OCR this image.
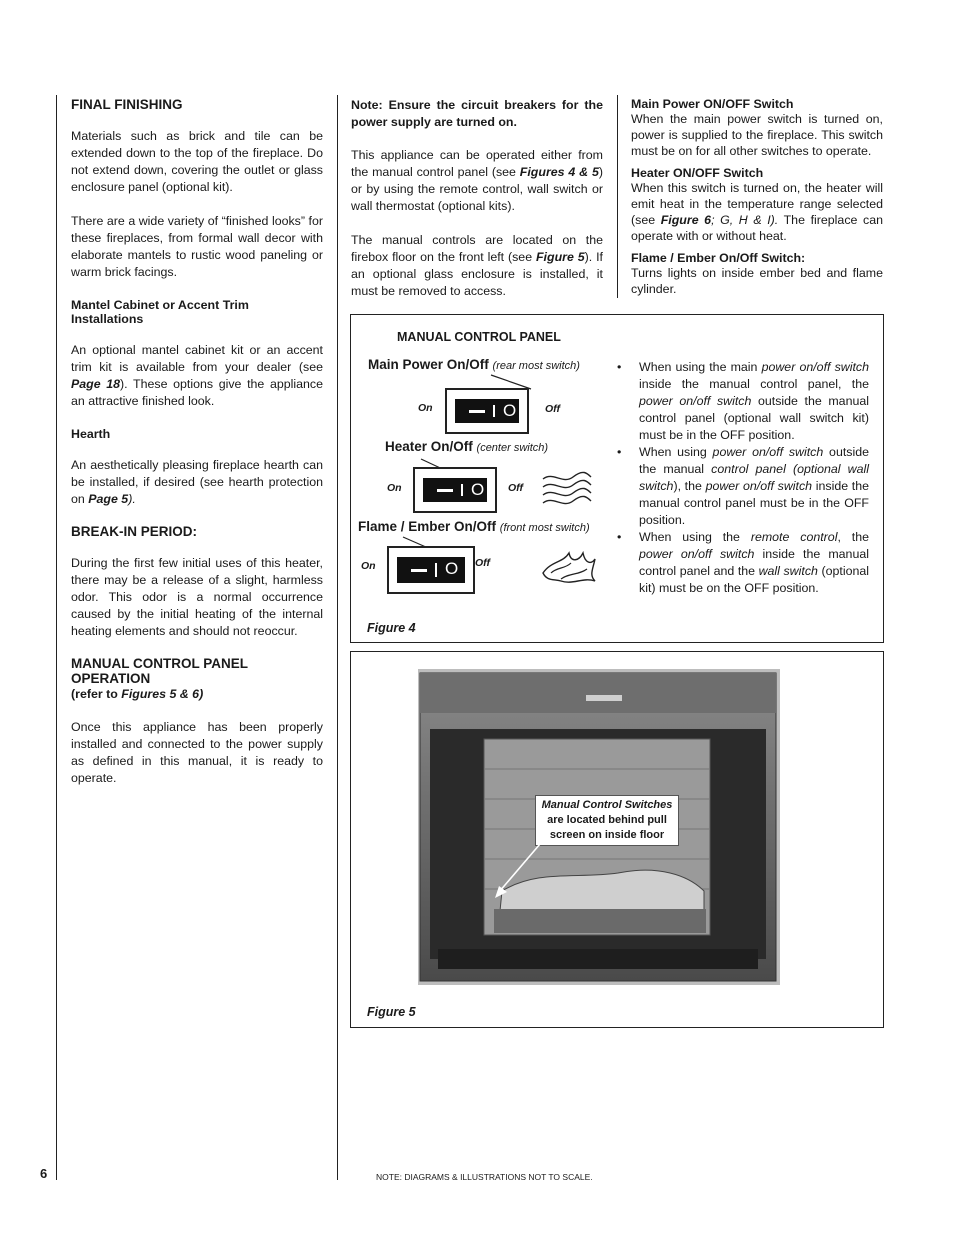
FINAL FINISHING

Materials such as brick and tile can be extended down to the top of the fireplace. Do not extend down, covering the outlet or glass enclosure panel (optional kit).

There are a wide variety of “finished looks” for these fireplaces, from formal wall decor with elaborate mantels to rustic wood paneling or warm brick facings.

Mantel Cabinet or Accent Trim Installations

An optional mantel cabinet kit or an accent trim kit is available from your dealer (see Page 18). These options give the appliance an attractive finished look.

Hearth

An aesthetically pleasing fireplace hearth can be installed, if desired (see hearth protection on Page 5).

BREAK-IN PERIOD:

During the first few initial uses of this heater, there may be a release of a slight, harmless odor. This odor is a normal occurrence caused by the initial heating of the internal heating elements and should not reoccur.

MANUAL CONTROL PANEL OPERATION
(refer to Figures 5 & 6)

Once this appliance has been properly installed and connected to the power supply as defined in this manual, it is ready to operate.

Note: Ensure the circuit breakers for the power supply are turned on.

This appliance can be operated either from the manual control panel (see Figures 4 & 5) or by using the remote control, wall switch or wall thermostat (optional kits).

The manual controls are located on the firebox floor on the front left (see Figure 5). If an optional glass enclosure is installed, it must be removed to access.

Main Power ON/OFF Switch

When the main power switch is turned on, power is supplied to the fireplace. This switch must be on for all other switches to operate.

Heater ON/OFF Switch

When this switch is turned on, the heater will emit heat in the temperature range selected (see Figure 6; G, H & I). The fireplace can operate with or without heat.

Flame / Ember On/Off Switch:

Turns lights on inside ember bed and flame cylinder.

MANUAL CONTROL PANEL
Main Power On/Off (rear most switch)
On	O	Off
Heater On/Off (center switch)
On	O Off
Flame / Ember On/Off (front most switch)
On	O Off
Figure 4
• When using the main power on/off switch inside the manual control panel, the power on/off switch outside the manual control panel (optional wall switch kit) must be in the OFF position.
• When using power on/off switch outside the manual control panel (optional wall switch), the power on/off switch inside the manual control panel must be in the OFF position.
• When using the remote control, the power on/off switch inside the manual control panel and the wall switch (optional kit) must be on the OFF position.
Manual Control Switches
are located behind pull
screen on inside floor
Figure 5
6	NOTE: DIAGRAMS & ILLUSTRATIONS NOT TO SCALE.
